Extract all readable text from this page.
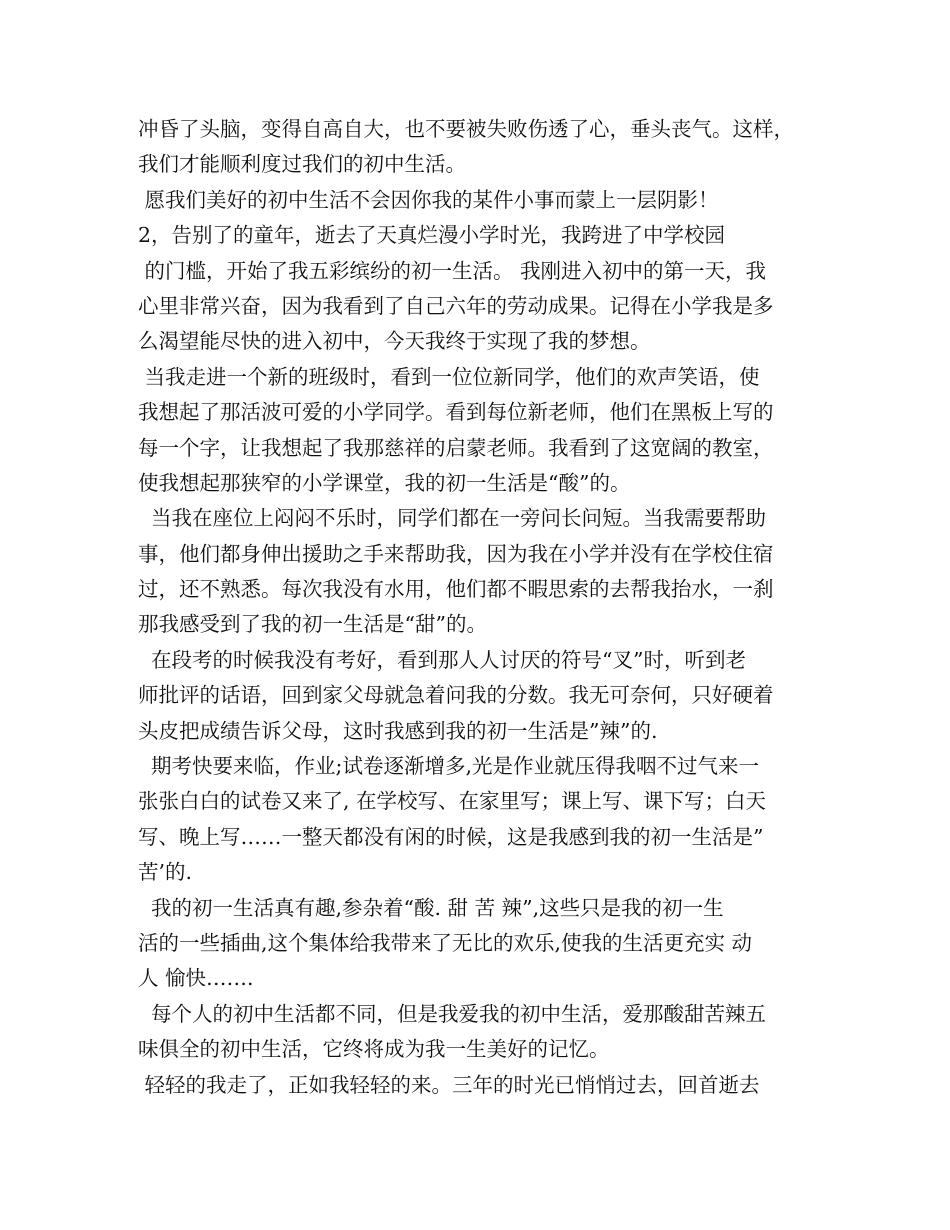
冲昏了头脑，变得自高自大，也不要被失败伤透了心，垂头丧气。这样，
我们才能顺利度过我们的初中生活。
愿我们美好的初中生活不会因你我的某件小事而蒙上一层阴影！
2，告别了的童年，逝去了天真烂漫小学时光，我跨进了中学校园
的门槛，开始了我五彩缤纷的初一生活。 我刚进入初中的第一天，我
心里非常兴奋，因为我看到了自己六年的劳动成果。记得在小学我是多
么渴望能尽快的进入初中，今天我终于实现了我的梦想。
当我走进一个新的班级时，看到一位位新同学，他们的欢声笑语，使
我想起了那活波可爱的小学同学。看到每位新老师，他们在黑板上写的
每一个字，让我想起了我那慈祥的启蒙老师。我看到了这宽阔的教室，
使我想起那狭窄的小学课堂，我的初一生活是“酸”的。
当我在座位上闷闷不乐时，同学们都在一旁问长问短。当我需要帮助
事，他们都身伸出援助之手来帮助我，因为我在小学并没有在学校住宿
过，还不熟悉。每次我没有水用，他们都不暇思索的去帮我抬水，一刹
那我感受到了我的初一生活是“甜”的。
在段考的时候我没有考好，看到那人人讨厌的符号“叉”时，听到老
师批评的话语，回到家父母就急着问我的分数。我无可奈何，只好硬着
头皮把成绩告诉父母，这时我感到我的初一生活是”辣”的.
期考快要来临，作业;试卷逐渐增多,光是作业就压得我咽不过气来一
张张白白的试卷又来了, 在学校写、在家里写；课上写、课下写；白天
写、晚上写……一整天都没有闲的时候，这是我感到我的初一生活是”
苦’的.
我的初一生活真有趣,参杂着“酸. 甜 苦 辣”,这些只是我的初一生
活的一些插曲,这个集体给我带来了无比的欢乐,使我的生活更充实 动
人 愉快…….
每个人的初中生活都不同，但是我爱我的初中生活，爱那酸甜苦辣五
味俱全的初中生活，它终将成为我一生美好的记忆。
轻轻的我走了，正如我轻轻的来。三年的时光已悄悄过去，回首逝去
